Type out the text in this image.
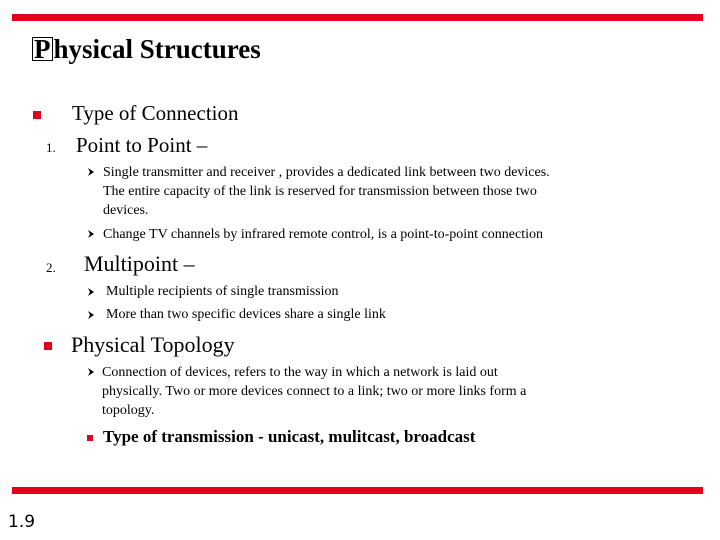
P hysical Structures
Type of Connection
1. Point to Point –
Single transmitter and receiver , provides a dedicated link between two devices.
The entire capacity of the link is reserved for transmission between those two
devices.
Change TV channels by infrared remote control, is a point-to-point connection
2. Multipoint –
Multiple recipients of single transmission
More than two specific devices share a single link
Physical Topology
Connection of devices, refers to the way in which a network is laid out
physically. Two or more devices connect to a link; two or more links form a
topology.
Type of transmission - unicast, mulitcast, broadcast
1.9
